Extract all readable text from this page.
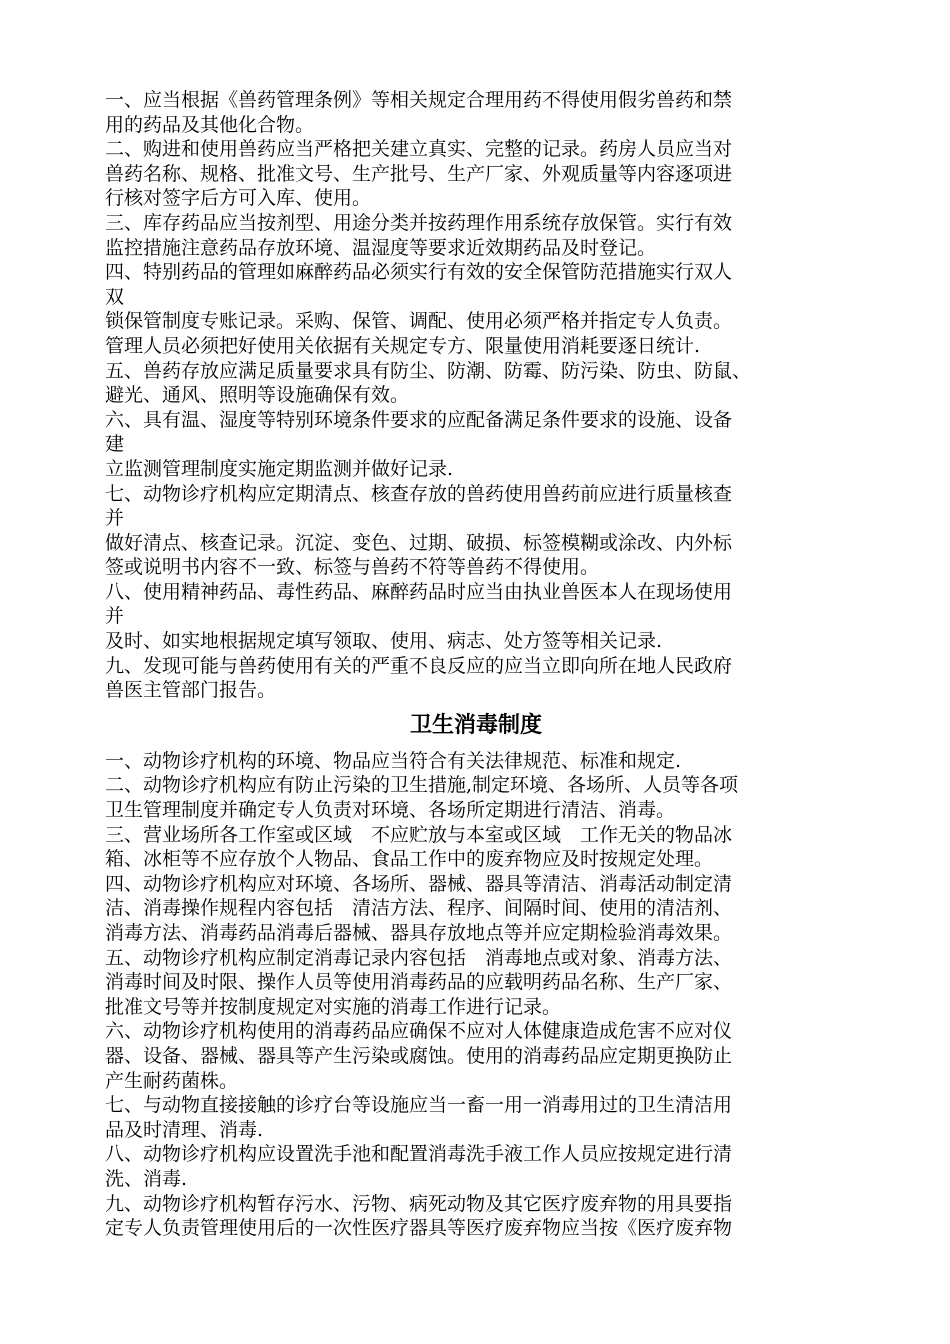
一、应当根据《兽药管理条例》等相关规定合理用药不得使用假劣兽药和禁
用的药品及其他化合物。
二、购进和使用兽药应当严格把关建立真实、完整的记录。药房人员应当对
兽药名称、规格、批准文号、生产批号、生产厂家、外观质量等内容逐项进
行核对签字后方可入库、使用。
三、库存药品应当按剂型、用途分类并按药理作用系统存放保管。实行有效
监控措施注意药品存放环境、温湿度等要求近效期药品及时登记。
四、特别药品的管理如麻醉药品必须实行有效的安全保管防范措施实行双人
双
锁保管制度专账记录。采购、保管、调配、使用必须严格并指定专人负责。
管理人员必须把好使用关依据有关规定专方、限量使用消耗要逐日统计.
五、兽药存放应满足质量要求具有防尘、防潮、防霉、防污染、防虫、防鼠、
避光、通风、照明等设施确保有效。
六、具有温、湿度等特别环境条件要求的应配备满足条件要求的设施、设备
建
立监测管理制度实施定期监测并做好记录.
七、动物诊疗机构应定期清点、核查存放的兽药使用兽药前应进行质量核查
并
做好清点、核查记录。沉淀、变色、过期、破损、标签模糊或涂改、内外标
签或说明书内容不一致、标签与兽药不符等兽药不得使用。
八、使用精神药品、毒性药品、麻醉药品时应当由执业兽医本人在现场使用
并
及时、如实地根据规定填写领取、使用、病志、处方签等相关记录.
九、发现可能与兽药使用有关的严重不良反应的应当立即向所在地人民政府
兽医主管部门报告。
卫生消毒制度
一、动物诊疗机构的环境、物品应当符合有关法律规范、标准和规定.
二、动物诊疗机构应有防止污染的卫生措施,制定环境、各场所、人员等各项
卫生管理制度并确定专人负责对环境、各场所定期进行清洁、消毒。
三、营业场所各工作室或区域　不应贮放与本室或区域　工作无关的物品冰
箱、冰柜等不应存放个人物品、食品工作中的废弃物应及时按规定处理。
四、动物诊疗机构应对环境、各场所、器械、器具等清洁、消毒活动制定清
洁、消毒操作规程内容包括　清洁方法、程序、间隔时间、使用的清洁剂、
消毒方法、消毒药品消毒后器械、器具存放地点等并应定期检验消毒效果。
五、动物诊疗机构应制定消毒记录内容包括　消毒地点或对象、消毒方法、
消毒时间及时限、操作人员等使用消毒药品的应载明药品名称、生产厂家、
批准文号等并按制度规定对实施的消毒工作进行记录。
六、动物诊疗机构使用的消毒药品应确保不应对人体健康造成危害不应对仪
器、设备、器械、器具等产生污染或腐蚀。使用的消毒药品应定期更换防止
产生耐药菌株。
七、与动物直接接触的诊疗台等设施应当一畜一用一消毒用过的卫生清洁用
品及时清理、消毒.
八、动物诊疗机构应设置洗手池和配置消毒洗手液工作人员应按规定进行清
洗、消毒.
九、动物诊疗机构暂存污水、污物、病死动物及其它医疗废弃物的用具要指
定专人负责管理使用后的一次性医疗器具等医疗废弃物应当按《医疗废弃物
